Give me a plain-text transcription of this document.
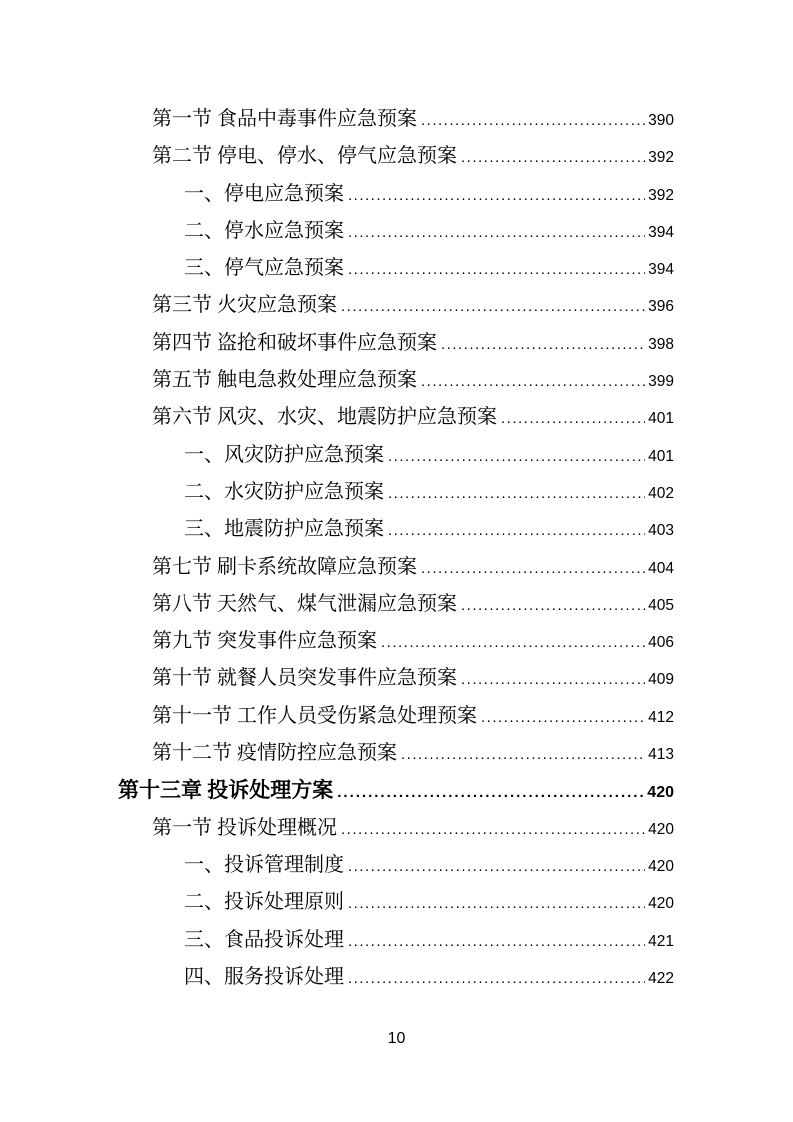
第一节 食品中毒事件应急预案 .....	390
第二节 停电、停水、停气应急预案 .....	392
一、停电应急预案 .....	392
二、停水应急预案 .....	394
三、停气应急预案 .....	394
第三节 火灾应急预案 .....	396
第四节 盗抢和破坏事件应急预案 .....	398
第五节 触电急救处理应急预案 .....	399
第六节 风灾、水灾、地震防护应急预案 .....	401
一、风灾防护应急预案 .....	401
二、水灾防护应急预案 .....	402
三、地震防护应急预案 .....	403
第七节 刷卡系统故障应急预案 .....	404
第八节 天然气、煤气泄漏应急预案 .....	405
第九节 突发事件应急预案 .....	406
第十节 就餐人员突发事件应急预案 .....	409
第十一节 工作人员受伤紧急处理预案 .....	412
第十二节 疫情防控应急预案 .....	413
第十三章 投诉处理方案 .....	420
第一节 投诉处理概况 .....	420
一、投诉管理制度 .....	420
二、投诉处理原则 .....	420
三、食品投诉处理 .....	421
四、服务投诉处理 .....	422
10
